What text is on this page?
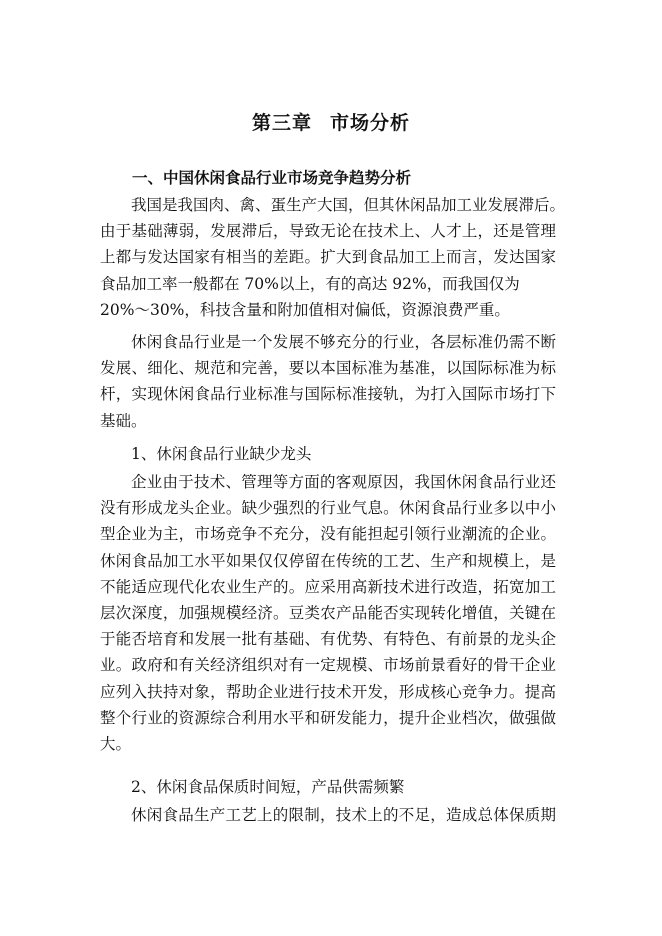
第三章 市场分析
一、中国休闲食品行业市场竞争趋势分析
我国是我国肉、禽、蛋生产大国，但其休闲品加工业发展滞后。
由于基础薄弱，发展滞后，导致无论在技术上、人才上，还是管理
上都与发达国家有相当的差距。扩大到食品加工上而言，发达国家
食品加工率一般都在 70%以上，有的高达 92%，而我国仅为
20%～30%，科技含量和附加值相对偏低，资源浪费严重。
休闲食品行业是一个发展不够充分的行业，各层标准仍需不断
发展、细化、规范和完善，要以本国标准为基准，以国际标准为标
杆，实现休闲食品行业标准与国际标准接轨，为打入国际市场打下
基础。
1、休闲食品行业缺少龙头
企业由于技术、管理等方面的客观原因，我国休闲食品行业还
没有形成龙头企业。缺少强烈的行业气息。休闲食品行业多以中小
型企业为主，市场竞争不充分，没有能担起引领行业潮流的企业。
休闲食品加工水平如果仅仅停留在传统的工艺、生产和规模上，是
不能适应现代化农业生产的。应采用高新技术进行改造，拓宽加工
层次深度，加强规模经济。豆类农产品能否实现转化增值，关键在
于能否培育和发展一批有基础、有优势、有特色、有前景的龙头企
业。政府和有关经济组织对有一定规模、市场前景看好的骨干企业
应列入扶持对象，帮助企业进行技术开发，形成核心竞争力。提高
整个行业的资源综合利用水平和研发能力，提升企业档次，做强做
大。
2、休闲食品保质时间短，产品供需频繁
休闲食品生产工艺上的限制，技术上的不足，造成总体保质期
